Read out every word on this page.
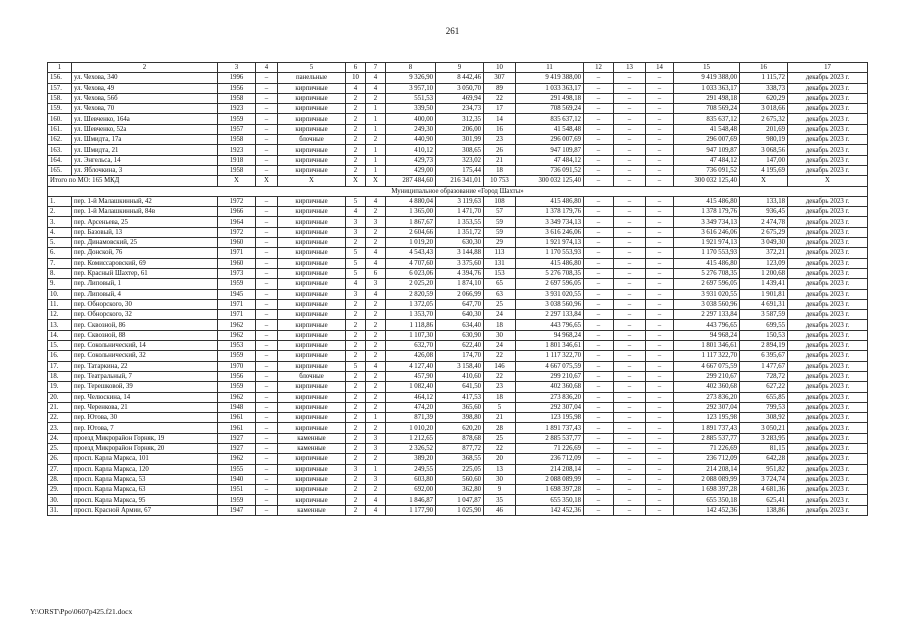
261
1	2	3	4	5	6	7	8	9	10	11	12	13	14	15	16	17
156.	ул. Чехова, 340	1996	–	панельные	10	4	9 326,90	8 442,46	307	9 419 388,00	–	–	–	9 419 388,00	1 115,72	декабрь 2023 г.
157.	ул. Чехова, 49	1956	–	кирпичные	4	4	3 957,10	3 050,70	89	1 033 363,17	–	–	–	1 033 363,17	338,73	декабрь 2023 г.
158.	ул. Чехова, 56б	1958	–	кирпичные	2	2	551,53	469,94	22	291 498,18	–	–	–	291 498,18	620,29	декабрь 2023 г.
159.	ул. Чехова, 70	1923	–	кирпичные	2	1	339,50	234,73	17	708 569,24	–	–	–	708 569,24	3 018,66	декабрь 2023 г.
160.	ул. Шевченко, 164а	1959	–	кирпичные	2	1	400,00	312,35	14	835 637,12	–	–	–	835 637,12	2 675,32	декабрь 2023 г.
161.	ул. Шевченко, 52а	1957	–	кирпичные	2	1	249,30	206,00	16	41 548,48	–	–	–	41 548,48	201,69	декабрь 2023 г.
162.	ул. Шмидта, 17а	1958	–	блочные	2	2	440,90	301,99	23	296 007,69	–	–	–	296 007,69	980,19	декабрь 2023 г.
163.	ул. Шмидта, 21	1923	–	кирпичные	2	1	410,12	308,65	26	947 109,87	–	–	–	947 109,87	3 068,56	декабрь 2023 г.
164.	ул. Энгельса, 14	1918	–	кирпичные	2	1	429,73	323,02	21	47 484,12	–	–	–	47 484,12	147,00	декабрь 2023 г.
165.	ул. Яблочкина, 3	1958	–	кирпичные	2	1	429,00	175,44	18	736 091,52	–	–	–	736 091,52	4 195,69	декабрь 2023 г.
Итого по МО: 165 МКД		X	X	X	X	X	287 484,60	216 341,01	10 753	300 032 125,40	–	–	–	300 032 125,40	X	X
Муниципальное образование «Город Шахты»																
1.	пер. 1-й Малашкинный, 42	1972	–	кирпичные	5	4	4 880,04	3 119,63	108	415 486,80	–	–	–	415 486,80	133,18	декабрь 2023 г.
2.	пер. 1-й Малашкинный, 84в	1966	–	кирпичные	4	2	1 365,00	1 471,70	57	1 378 179,76	–	–	–	1 378 179,76	936,45	декабрь 2023 г.
3.	пер. Арсеньева, 25	1964	–	кирпичные	3	3	1 867,67	1 353,55	59	3 349 734,13	–	–	–	3 349 734,13	2 474,78	декабрь 2023 г.
4.	пер. Базовый, 13	1972	–	кирпичные	3	2	2 604,66	1 351,72	59	3 616 246,06	–	–	–	3 616 246,06	2 675,29	декабрь 2023 г.
5.	пер. Динамовский, 25	1960	–	кирпичные	2	2	1 019,20	630,30	29	1 921 974,13	–	–	–	1 921 974,13	3 049,30	декабрь 2023 г.
6.	пер. Донской, 76	1971	–	кирпичные	5	4	4 543,43	3 144,88	113	1 170 553,93	–	–	–	1 170 553,93	372,21	декабрь 2023 г.
7.	пер. Комиссаровский, 69	1960	–	кирпичные	5	4	4 707,60	3 375,60	131	415 486,80	–	–	–	415 486,80	123,09	декабрь 2023 г.
8.	пер. Красный Шахтер, 61	1973	–	кирпичные	5	6	6 023,06	4 394,76	153	5 276 708,35	–	–	–	5 276 708,35	1 200,68	декабрь 2023 г.
9.	пер. Липовый, 1	1959	–	кирпичные	4	3	2 025,20	1 874,10	65	2 697 596,05	–	–	–	2 697 596,05	1 439,41	декабрь 2023 г.
10.	пер. Липовый, 4	1945	–	кирпичные	3	4	2 820,59	2 066,99	63	3 931 020,55	–	–	–	3 931 020,55	1 901,81	декабрь 2023 г.
11.	пер. Обнорского, 30	1971	–	кирпичные	2	2	1 372,05	647,70	25	3 038 560,96	–	–	–	3 038 560,96	4 691,31	декабрь 2023 г.
12.	пер. Обнорского, 32	1971	–	кирпичные	2	2	1 353,70	640,30	24	2 297 133,84	–	–	–	2 297 133,84	3 587,59	декабрь 2023 г.
13.	пер. Сквозной, 86	1962	–	кирпичные	2	2	1 118,86	634,40	18	443 796,65	–	–	–	443 796,65	699,55	декабрь 2023 г.
14.	пер. Сквозной, 88	1962	–	кирпичные	2	2	1 107,30	630,90	30	94 968,24	–	–	–	94 968,24	150,53	декабрь 2023 г.
15.	пер. Сокольнический, 14	1953	–	кирпичные	2	2	632,70	622,40	24	1 801 346,61	–	–	–	1 801 346,61	2 894,19	декабрь 2023 г.
16.	пер. Сокольнический, 32	1959	–	кирпичные	2	2	426,08	174,70	22	1 117 322,70	–	–	–	1 117 322,70	6 395,67	декабрь 2023 г.
17.	пер. Татаркина, 22	1970	–	кирпичные	5	4	4 127,40	3 158,40	146	4 667 075,59	–	–	–	4 667 075,59	1 477,67	декабрь 2023 г.
18.	пер. Театральный, 7	1956	–	блочные	2	2	457,90	410,60	22	299 210,67	–	–	–	299 210,67	728,72	декабрь 2023 г.
19.	пер. Терешковой, 39	1959	–	кирпичные	2	2	1 082,40	641,50	23	402 360,68	–	–	–	402 360,68	627,22	декабрь 2023 г.
20.	пер. Челюскина, 14	1962	–	кирпичные	2	2	464,12	417,53	18	273 836,20	–	–	–	273 836,20	655,85	декабрь 2023 г.
21.	пер. Черенкова, 21	1948	–	кирпичные	2	2	474,20	365,60	5	292 307,04	–	–	–	292 307,04	799,53	декабрь 2023 г.
22.	пер. Ютова, 30	1961	–	кирпичные	2	1	871,39	398,80	21	123 195,98	–	–	–	123 195,98	308,92	декабрь 2023 г.
23.	пер. Ютова, 7	1961	–	кирпичные	2	2	1 010,20	620,20	28	1 891 737,43	–	–	–	1 891 737,43	3 050,21	декабрь 2023 г.
24.	проезд Микрорайон Горняк, 19	1927	–	каменные	2	3	1 212,65	878,68	25	2 885 537,77	–	–	–	2 885 537,77	3 283,95	декабрь 2023 г.
25.	проезд Микрорайон Горняк, 20	1927	–	каменные	2	3	2 326,52	877,72	22	71 226,69	–	–	–	71 226,69	81,15	декабрь 2023 г.
26.	просп. Карла Маркса, 101	1962	–	кирпичные	2	2	389,20	368,55	20	236 712,09	–	–	–	236 712,09	642,28	декабрь 2023 г.
27.	просп. Карла Маркса, 120	1955	–	кирпичные	3	1	249,55	225,05	13	214 208,14	–	–	–	214 208,14	951,82	декабрь 2023 г.
28.	просп. Карла Маркса, 53	1940	–	кирпичные	2	3	603,80	560,60	30	2 088 089,99	–	–	–	2 088 089,99	3 724,74	декабрь 2023 г.
29.	просп. Карла Маркса, 63	1951	–	кирпичные	2	2	692,00	362,80	9	1 698 397,28	–	–	–	1 698 397,28	4 681,36	декабрь 2023 г.
30.	просп. Карла Маркса, 95	1959	–	кирпичные	2	4	1 846,87	1 047,87	35	655 350,18	–	–	–	655 350,18	625,41	декабрь 2023 г.
31.	просп. Красной Армии, 67	1947	–	каменные	2	4	1 177,90	1 025,90	46	142 452,36	–	–	–	142 452,36	138,86	декабрь 2023 г.
Y:\ORST\Ppo\0607p425.f21.docx
